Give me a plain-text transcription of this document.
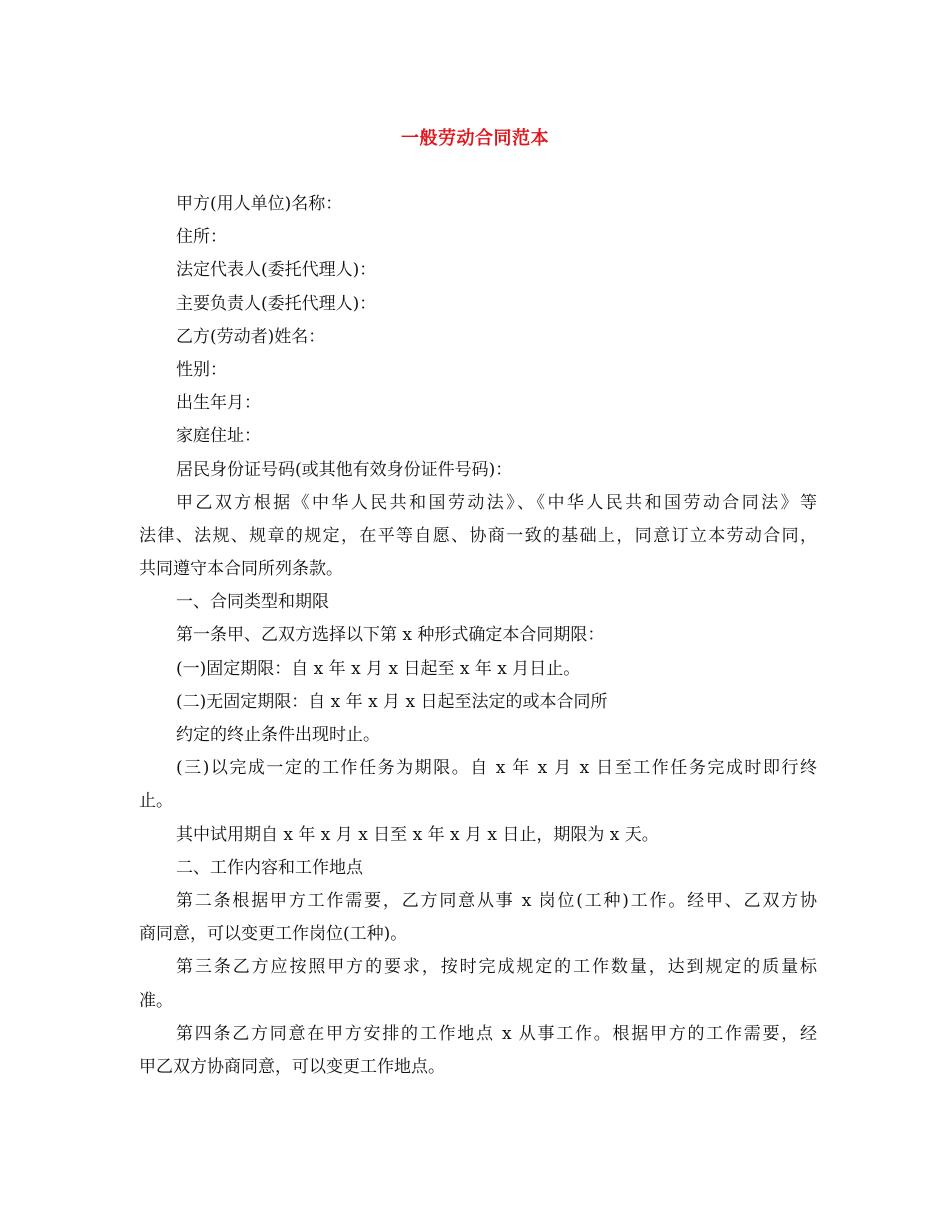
一般劳动合同范本
甲方(用人单位)名称：
住所：
法定代表人(委托代理人)：
主要负责人(委托代理人)：
乙方(劳动者)姓名：
性别：
出生年月：
家庭住址：
居民身份证号码(或其他有效身份证件号码)：
甲乙双方根据《中华人民共和国劳动法》、《中华人民共和国劳动合同法》等
法律、法规、规章的规定，在平等自愿、协商一致的基础上，同意订立本劳动合同，
共同遵守本合同所列条款。
一、合同类型和期限
第一条甲、乙双方选择以下第 x 种形式确定本合同期限：
(一)固定期限：自 x 年 x 月 x 日起至 x 年 x 月日止。
(二)无固定期限：自 x 年 x 月 x 日起至法定的或本合同所
约定的终止条件出现时止。
(三)以完成一定的工作任务为期限。自 x 年 x 月 x 日至工作任务完成时即行终
止。
其中试用期自 x 年 x 月 x 日至 x 年 x 月 x 日止，期限为 x 天。
二、工作内容和工作地点
第二条根据甲方工作需要，乙方同意从事 x 岗位(工种)工作。经甲、乙双方协
商同意，可以变更工作岗位(工种)。
第三条乙方应按照甲方的要求，按时完成规定的工作数量，达到规定的质量标
准。
第四条乙方同意在甲方安排的工作地点 x 从事工作。根据甲方的工作需要，经
甲乙双方协商同意，可以变更工作地点。
